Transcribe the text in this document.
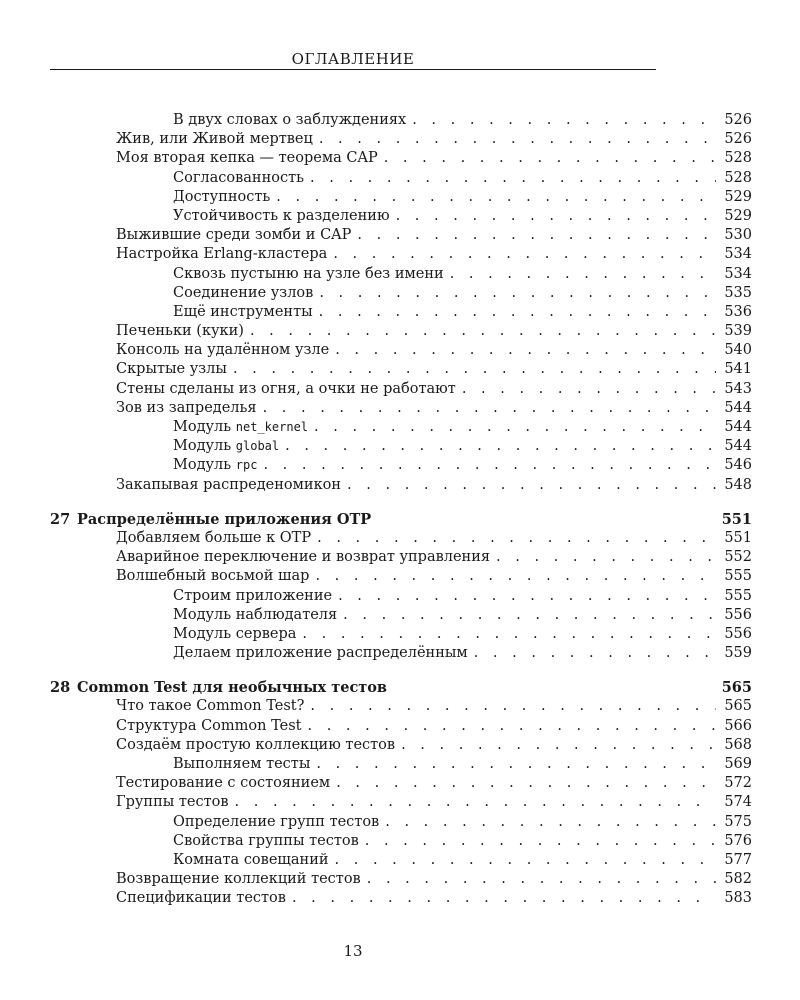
ОГЛАВЛЕНИЕ
В двух словах о заблуждениях . . .	526
Жив, или Живой мертвец . . .	526
Моя вторая кепка — теорема CAP . . .	528
Согласованность . . .	528
Доступность . . .	529
Устойчивость к разделению . . .	529
Выжившие среди зомби и CAP . . .	530
Настройка Erlang-кластера . . .	534
Сквозь пустыню на узле без имени . . .	534
Соединение узлов . . .	535
Ещё инструменты . . .	536
Печеньки (куки) . . .	539
Консоль на удалённом узле . . .	540
Скрытые узлы . . .	541
Стены сделаны из огня, а очки не работают . . .	543
Зов из запределья . . .	544
Модуль net_kernel . . .	544
Модуль global . . .	544
Модуль rpc . . .	546
Закапывая распреденомикон . . .	548
27 Распределённые приложения OTP	551
Добавляем больше к OTP . . .	551
Аварийное переключение и возврат управления . . .	552
Волшебный восьмой шар . . .	555
Строим приложение . . .	555
Модуль наблюдателя . . .	556
Модуль сервера . . .	556
Делаем приложение распределённым . . .	559
28 Common Test для необычных тестов	565
Что такое Common Test? . . .	565
Структура Common Test . . .	566
Создаём простую коллекцию тестов . . .	568
Выполняем тесты . . .	569
Тестирование с состоянием . . .	572
Группы тестов . . .	574
Определение групп тестов . . .	575
Свойства группы тестов . . .	576
Комната совещаний . . .	577
Возвращение коллекций тестов . . .	582
Спецификации тестов . . .	583
13
